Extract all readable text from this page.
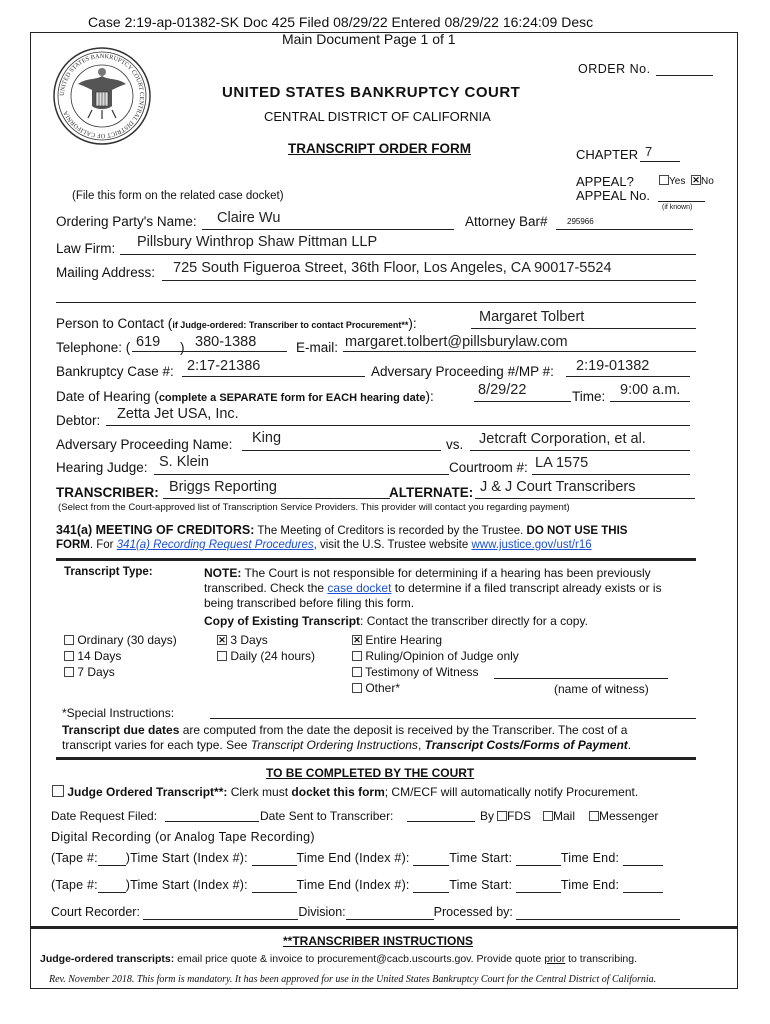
Case 2:19-ap-01382-SK Doc 425 Filed 08/29/22 Entered 08/29/22 16:24:09 Desc
Main Document Page 1 of 1
UNITED STATES BANKRUPTCY COURT CENTRAL DISTRICT OF CALIFORNIA
UNITED STATES BANKRUPTCY COURT
CENTRAL DISTRICT OF CALIFORNIA
TRANSCRIPT ORDER FORM
ORDER No.
CHAPTER 7
APPEAL?	Yes
✕	No
APPEAL No.
(if known)
(File this form on the related case docket)
Ordering Party's Name: Claire Wu	Attorney Bar# 295966
Law Firm: Pillsbury Winthrop Shaw Pittman LLP
Mailing Address: 725 South Figueroa Street, 36th Floor, Los Angeles, CA 90017-5524
Person to Contact (if Judge-ordered: Transcriber to contact Procurement**):	Margaret Tolbert
Telephone: ( 619 ) 380-1388	E-mail: margaret.tolbert@pillsburylaw.com
Bankruptcy Case #: 2:17-21386	Adversary Proceeding #/MP #: 2:19-01382
Date of Hearing (complete a SEPARATE form for EACH hearing date):	8/29/22	Time: 9:00 a.m.
Debtor: Zetta Jet USA, Inc.
Adversary Proceeding Name: King	vs. Jetcraft Corporation, et al.
Hearing Judge: S. Klein	Courtroom #: LA 1575
TRANSCRIBER: Briggs Reporting	ALTERNATE: J & J Court Transcribers
(Select from the Court-approved list of Transcription Service Providers. This provider will contact you regarding payment)
341(a) MEETING OF CREDITORS: The Meeting of Creditors is recorded by the Trustee. DO NOT USE THIS
FORM. For 341(a) Recording Request Procedures, visit the U.S. Trustee website www.justice.gov/ust/r16
Transcript Type:	NOTE: The Court is not responsible for determining if a hearing has been previously
transcribed. Check the case docket to determine if a filed transcript already exists or is
being transcribed before filing this form.
Copy of Existing Transcript: Contact the transcriber directly for a copy.
Ordinary (30 days)
14 Days
7 Days
✕ 3 Days
Daily (24 hours)
✕ Entire Hearing
Ruling/Opinion of Judge only
Testimony of Witness
Other*	(name of witness)
*Special Instructions:
Transcript due dates are computed from the date the deposit is received by the Transcriber. The cost of a
transcript varies for each type. See Transcript Ordering Instructions, Transcript Costs/Forms of Payment.
TO BE COMPLETED BY THE COURT
Judge Ordered Transcript**: Clerk must docket this form; CM/ECF will automatically notify Procurement.
Date Request Filed:	Date Sent to Transcriber:	By	FDS	Mail	Messenger
Digital Recording (or Analog Tape Recording)
(Tape #: )Time Start (Index #):	Time End (Index #):	Time Start:	Time End:
(Tape #: )Time Start (Index #):	Time End (Index #):	Time Start:	Time End:
Court Recorder:	Division:	Processed by:
**TRANSCRIBER INSTRUCTIONS
Judge-ordered transcripts: email price quote & invoice to procurement@cacb.uscourts.gov. Provide quote prior to transcribing.
Rev. November 2018. This form is mandatory. It has been approved for use in the United States Bankruptcy Court for the Central District of California.
